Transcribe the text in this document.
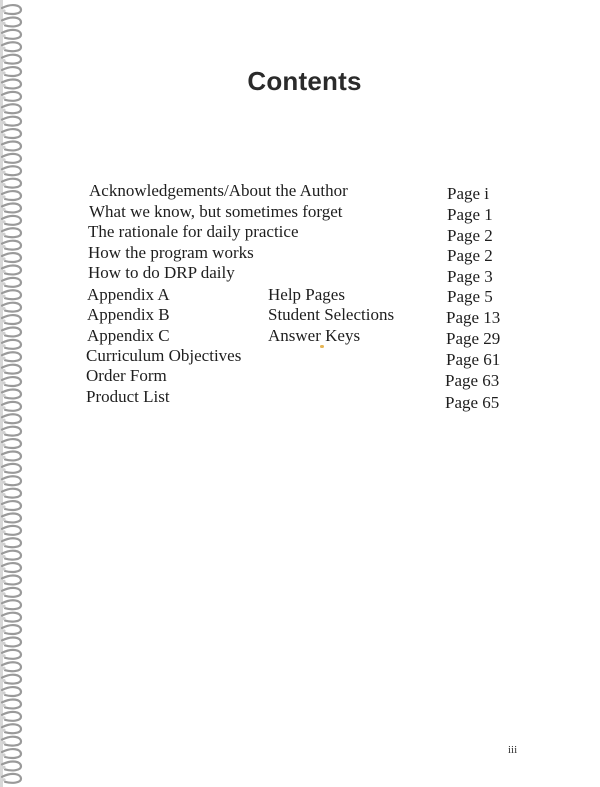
Contents
Acknowledgements/About the Author	Page i
What we know, but sometimes forget	Page 1
The rationale for daily practice	Page 2
How the program works	Page 2
How to do DRP daily	Page 3
Appendix A	Help Pages	Page 5
Appendix B	Student Selections	Page 13
Appendix C	Answer Keys	Page 29
Curriculum Objectives	Page 61
Order Form	Page 63
Product List	Page 65
iii
